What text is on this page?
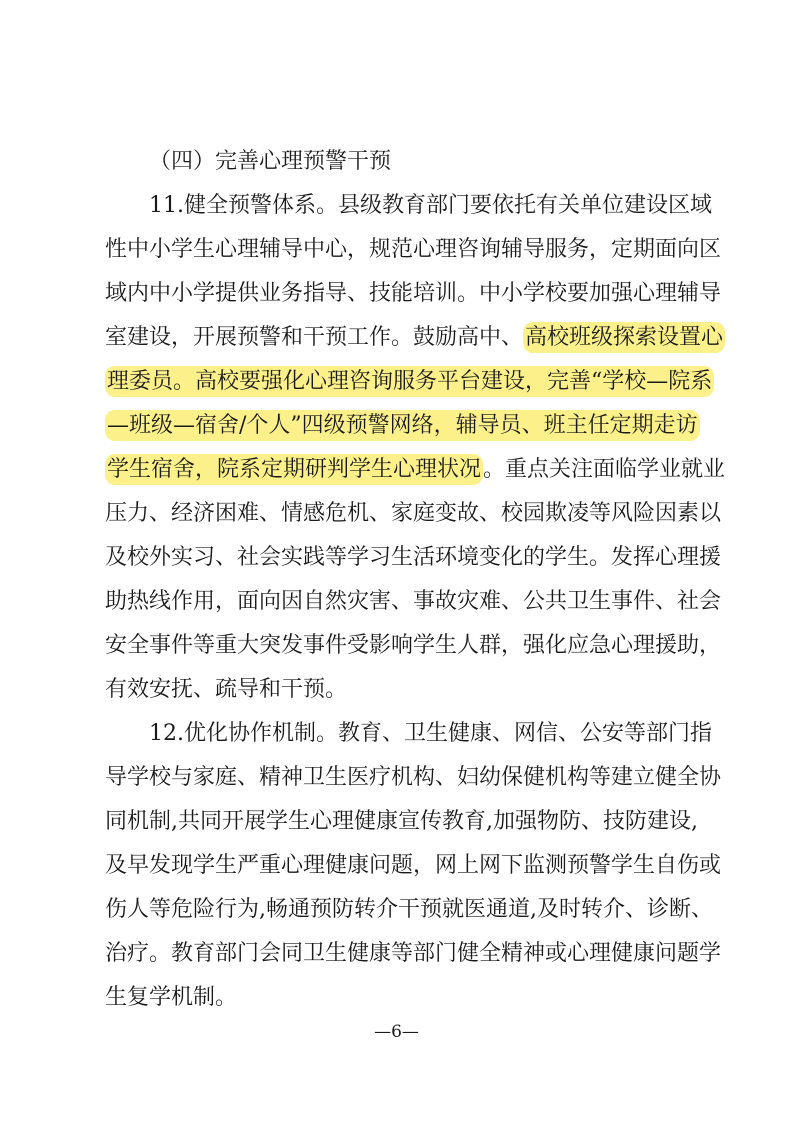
（四）完善心理预警干预
11.健全预警体系。县级教育部门要依托有关单位建设区域
性中小学生心理辅导中心，规范心理咨询辅导服务，定期面向区
域内中小学提供业务指导、技能培训。中小学校要加强心理辅导
室建设，开展预警和干预工作。鼓励高中、高校班级探索设置心
理委员。高校要强化心理咨询服务平台建设，完善“学校—院系
—班级—宿舍/个人”四级预警网络，辅导员、班主任定期走访
学生宿舍，院系定期研判学生心理状况。重点关注面临学业就业
压力、经济困难、情感危机、家庭变故、校园欺凌等风险因素以
及校外实习、社会实践等学习生活环境变化的学生。发挥心理援
助热线作用，面向因自然灾害、事故灾难、公共卫生事件、社会
安全事件等重大突发事件受影响学生人群，强化应急心理援助，
有效安抚、疏导和干预。
12.优化协作机制。教育、卫生健康、网信、公安等部门指
导学校与家庭、精神卫生医疗机构、妇幼保健机构等建立健全协
同机制,共同开展学生心理健康宣传教育,加强物防、技防建设,
及早发现学生严重心理健康问题，网上网下监测预警学生自伤或
伤人等危险行为,畅通预防转介干预就医通道,及时转介、诊断、
治疗。教育部门会同卫生健康等部门健全精神或心理健康问题学
生复学机制。
—6—
